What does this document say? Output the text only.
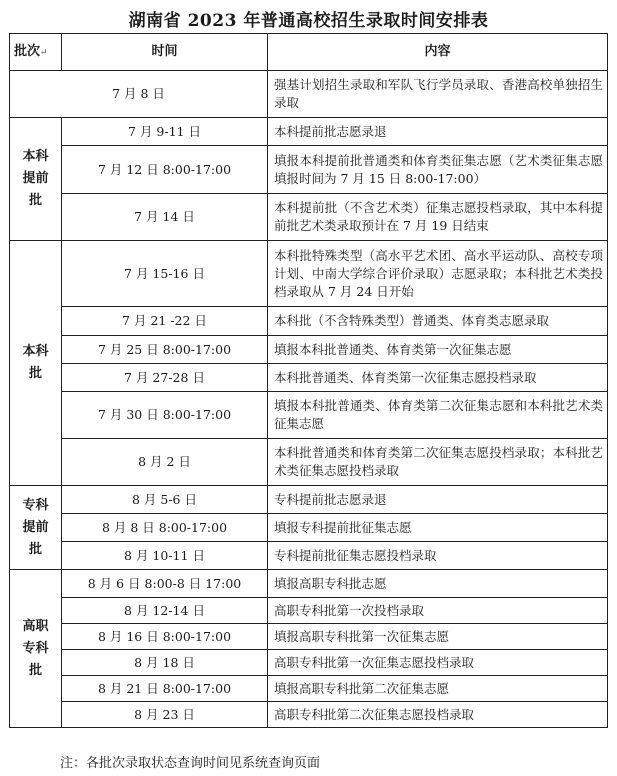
湖南省 2023 年普通高校招生录取时间安排表
批次↵	时间	内容
7 月 8 日		强基计划招生录取和军队飞行学员录取、香港高校单独招生录取
本科
提前
批	7 月 9-11 日	本科提前批志愿录退
	7 月 12 日 8:00-17:00	填报本科提前批普通类和体育类征集志愿（艺术类征集志愿填报时间为 7 月 15 日 8:00-17:00）
	7 月 14 日	本科提前批（不含艺术类）征集志愿投档录取，其中本科提前批艺术类录取预计在 7 月 19 日结束
本科
批	7 月 15-16 日	本科批特殊类型（高水平艺术团、高水平运动队、高校专项计划、中南大学综合评价录取）志愿录取；本科批艺术类投档录取从 7 月 24 日开始
	7 月 21 -22 日	本科批（不含特殊类型）普通类、体育类志愿录取
	7 月 25 日 8:00-17:00	填报本科批普通类、体育类第一次征集志愿
	7 月 27-28 日	本科批普通类、体育类第一次征集志愿投档录取
	7 月 30 日 8:00-17:00	填报本科批普通类、体育类第二次征集志愿和本科批艺术类征集志愿
	8 月 2 日	本科批普通类和体育类第二次征集志愿投档录取；本科批艺术类征集志愿投档录取
专科
提前
批	8 月 5-6 日	专科提前批志愿录退
	8 月 8 日 8:00-17:00	填报专科提前批征集志愿
	8 月 10-11 日	专科提前批征集志愿投档录取
高职
专科
批	8 月 6 日 8:00-8 日 17:00	填报高职专科批志愿
	8 月 12-14 日	高职专科批第一次投档录取
	8 月 16 日 8:00-17:00	填报高职专科批第一次征集志愿
	8 月 18 日	高职专科批第一次征集志愿投档录取
	8 月 21 日 8:00-17:00	填报高职专科批第二次征集志愿
	8 月 23 日	高职专科批第二次征集志愿投档录取
注：各批次录取状态查询时间见系统查询页面
